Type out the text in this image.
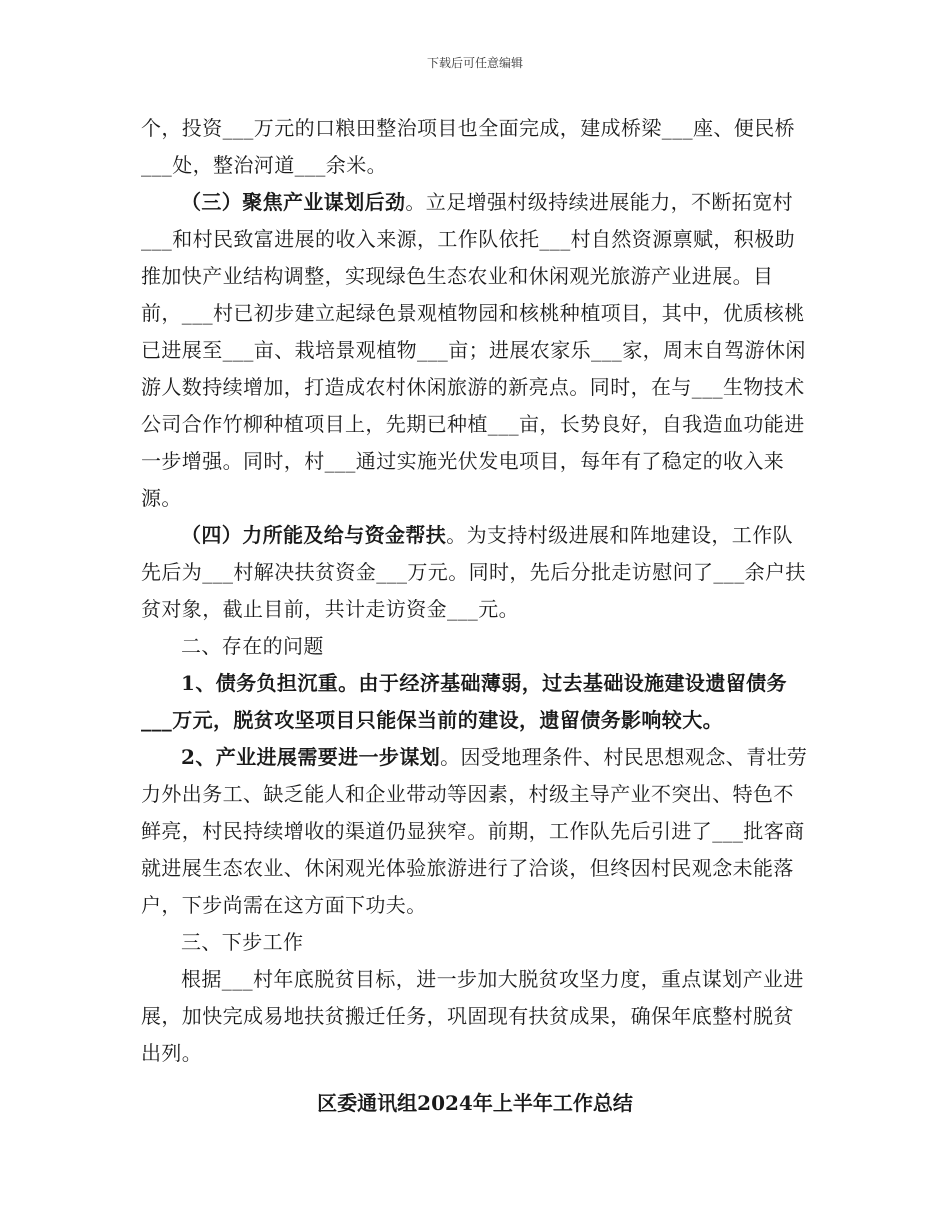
下载后可任意编辑

个，投资___万元的口粮田整治项目也全面完成，建成桥梁___座、便民桥___处，整治河道___余米。

（三）聚焦产业谋划后劲。立足增强村级持续进展能力，不断拓宽村___和村民致富进展的收入来源，工作队依托___村自然资源禀赋，积极助推加快产业结构调整，实现绿色生态农业和休闲观光旅游产业进展。目前，___村已初步建立起绿色景观植物园和核桃种植项目，其中，优质核桃已进展至___亩、栽培景观植物___亩；进展农家乐___家，周末自驾游休闲游人数持续增加，打造成农村休闲旅游的新亮点。同时，在与___生物技术公司合作竹柳种植项目上，先期已种植___亩，长势良好，自我造血功能进一步增强。同时，村___通过实施光伏发电项目，每年有了稳定的收入来源。

（四）力所能及给与资金帮扶。为支持村级进展和阵地建设，工作队先后为___村解决扶贫资金___万元。同时，先后分批走访慰问了___余户扶贫对象，截止目前，共计走访资金___元。

二、存在的问题

1、债务负担沉重。由于经济基础薄弱，过去基础设施建设遗留债务___万元，脱贫攻坚项目只能保当前的建设，遗留债务影响较大。

2、产业进展需要进一步谋划。因受地理条件、村民思想观念、青壮劳力外出务工、缺乏能人和企业带动等因素，村级主导产业不突出、特色不鲜亮，村民持续增收的渠道仍显狭窄。前期，工作队先后引进了___批客商就进展生态农业、休闲观光体验旅游进行了洽谈，但终因村民观念未能落户，下步尚需在这方面下功夫。

三、下步工作

根据___村年底脱贫目标，进一步加大脱贫攻坚力度，重点谋划产业进展，加快完成易地扶贫搬迁任务，巩固现有扶贫成果，确保年底整村脱贫出列。

区委通讯组2024年上半年工作总结
